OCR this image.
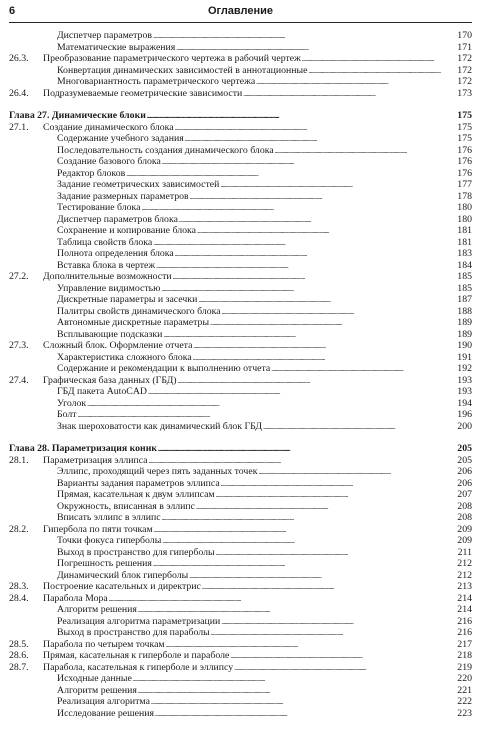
6	Оглавление
Диспетчер параметров . . .	170
Математические выражения . . .	171
26.3.	Преобразование параметрического чертежа в рабочий чертеж . . .	172
Конвертация динамических зависимостей в аннотационные . . .	172
Многовариантность параметрического чертежа . . .	172
26.4.	Подразумеваемые геометрические зависимости . . .	173
Глава 27. Динамические блоки . . .	175
27.1.	Создание динамического блока . . .	175
Содержание учебного задания . . .	175
Последовательность создания динамического блока . . .	176
Создание базового блока . . .	176
Редактор блоков . . .	176
Задание геометрических зависимостей . . .	177
Задание размерных параметров . . .	178
Тестирование блока . . .	180
Диспетчер параметров блока . . .	180
Сохранение и копирование блока . . .	181
Таблица свойств блока . . .	181
Полнота определения блока . . .	183
Вставка блока в чертеж . . .	184
27.2.	Дополнительные возможности . . .	185
Управление видимостью . . .	185
Дискретные параметры и засечки . . .	187
Палитры свойств динамического блока . . .	188
Автономные дискретные параметры . . .	189
Всплывающие подсказки . . .	189
27.3.	Сложный блок. Оформление отчета . . .	190
Характеристика сложного блока . . .	191
Содержание и рекомендации к выполнению отчета . . .	192
27.4.	Графическая база данных (ГБД) . . .	193
ГБД пакета AutoCAD . . .	193
Уголок . . .	194
Болт . . .	196
Знак шероховатости как динамический блок ГБД . . .	200
Глава 28. Параметризация коник . . .	205
28.1.	Параметризация эллипса . . .	205
Эллипс, проходящий через пять заданных точек . . .	206
Варианты задания параметров эллипса . . .	206
Прямая, касательная к двум эллипсам . . .	207
Окружность, вписанная в эллипс . . .	208
Вписать эллипс в эллипс . . .	208
28.2.	Гипербола по пяти точкам . . .	209
Точки фокуса гиперболы . . .	209
Выход в пространство для гиперболы . . .	211
Погрешность решения . . .	212
Динамический блок гиперболы . . .	212
28.3.	Построение касательных и директрис . . .	213
28.4.	Парабола Мора . . .	214
Алгоритм решения . . .	214
Реализация алгоритма параметризации . . .	216
Выход в пространство для параболы . . .	216
28.5.	Парабола по четырем точкам . . .	217
28.6.	Прямая, касательная к гиперболе и параболе . . .	218
28.7.	Парабола, касательная к гиперболе и эллипсу . . .	219
Исходные данные . . .	220
Алгоритм решения . . .	221
Реализация алгоритма . . .	222
Исследование решения . . .	223
